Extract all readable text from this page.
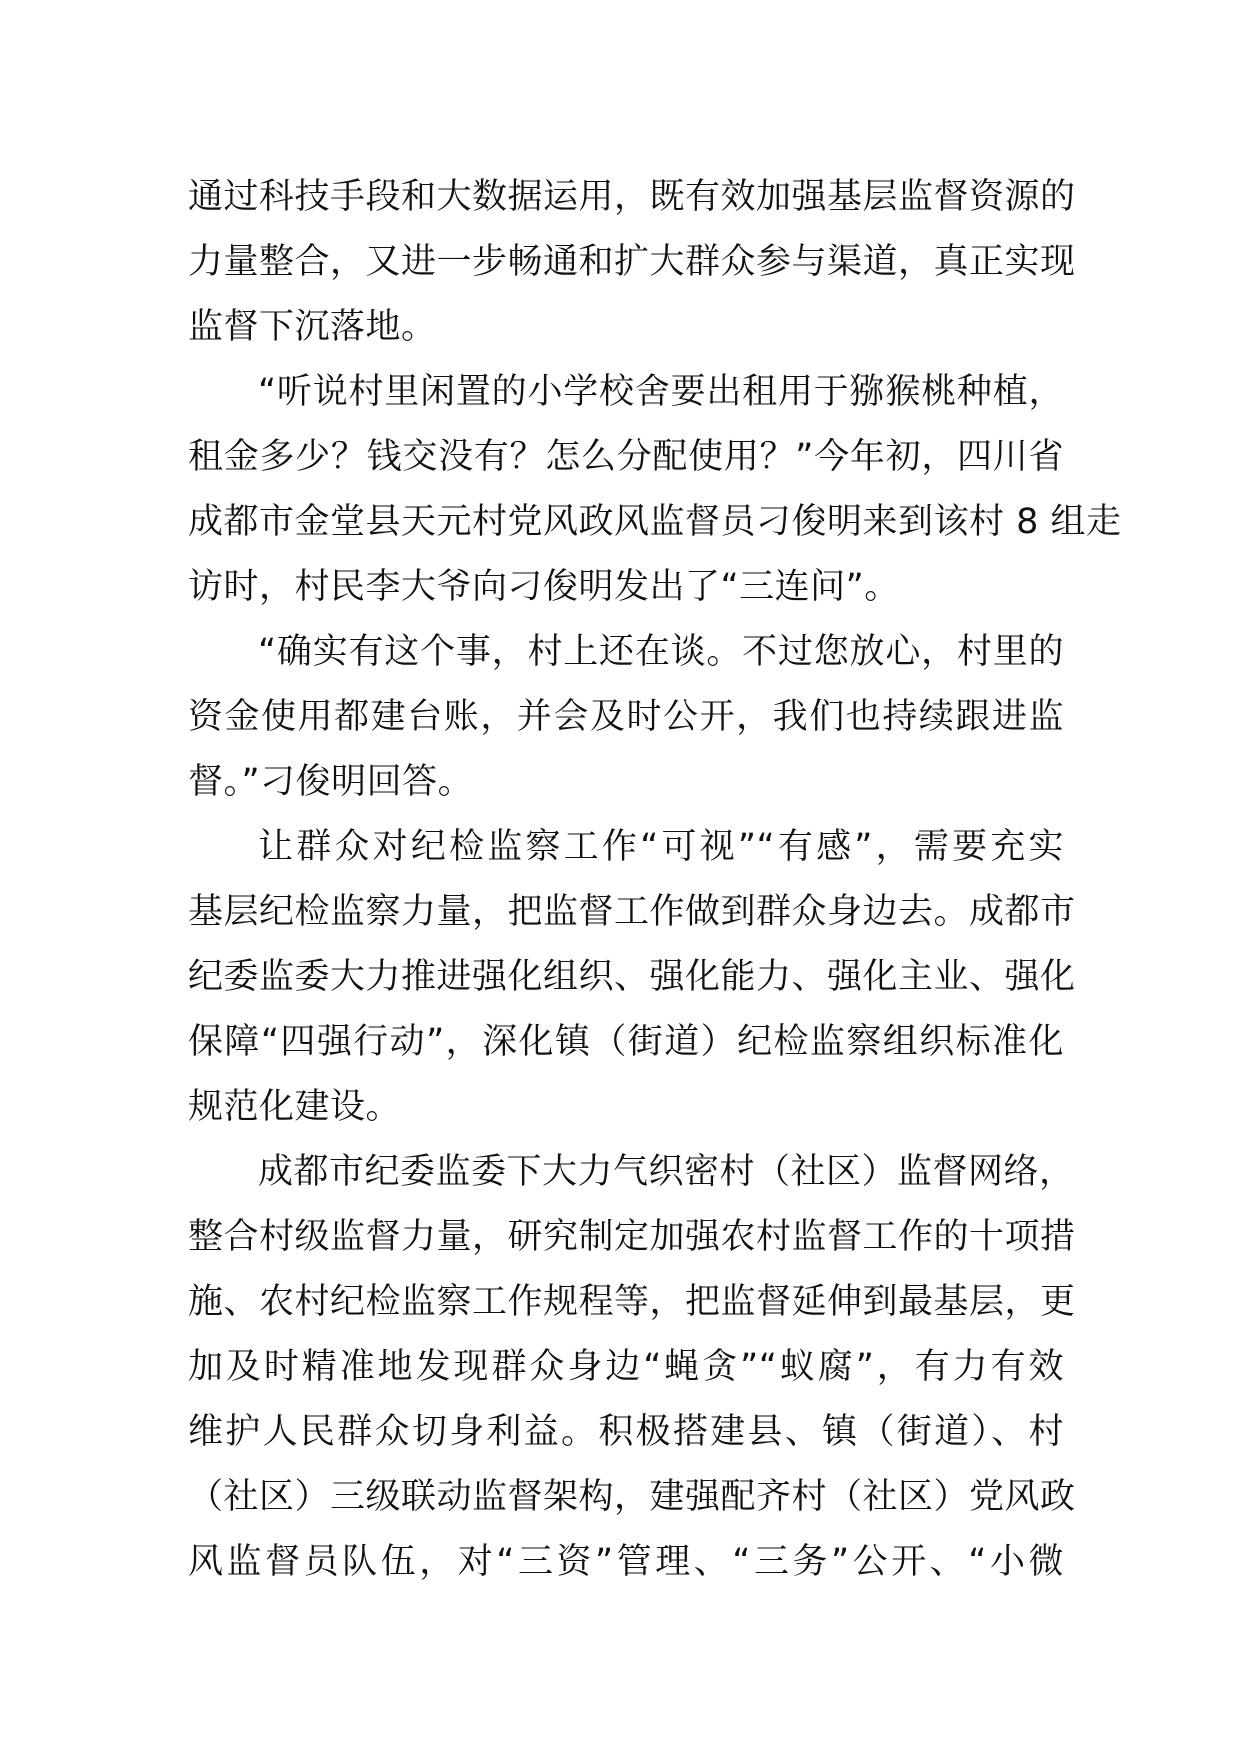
通过科技手段和大数据运用，既有效加强基层监督资源的
力量整合，又进一步畅通和扩大群众参与渠道，真正实现
监督下沉落地。
“听说村里闲置的小学校舍要出租用于猕猴桃种植，
租金多少？钱交没有？怎么分配使用？”今年初，四川省
成都市金堂县天元村党风政风监督员刁俊明来到该村 8 组走
访时，村民李大爷向刁俊明发出了“三连问”。
“确实有这个事，村上还在谈。不过您放心，村里的
资金使用都建台账，并会及时公开，我们也持续跟进监
督。”刁俊明回答。
让群众对纪检监察工作“可视”“有感”，需要充实
基层纪检监察力量，把监督工作做到群众身边去。成都市
纪委监委大力推进强化组织、强化能力、强化主业、强化
保障“四强行动”，深化镇（街道）纪检监察组织标准化
规范化建设。
成都市纪委监委下大力气织密村（社区）监督网络，
整合村级监督力量，研究制定加强农村监督工作的十项措
施、农村纪检监察工作规程等，把监督延伸到最基层，更
加及时精准地发现群众身边“蝇贪”“蚁腐”，有力有效
维护人民群众切身利益。积极搭建县、镇（街道）、村
（社区）三级联动监督架构，建强配齐村（社区）党风政
风监督员队伍，对“三资”管理、“三务”公开、“小微
